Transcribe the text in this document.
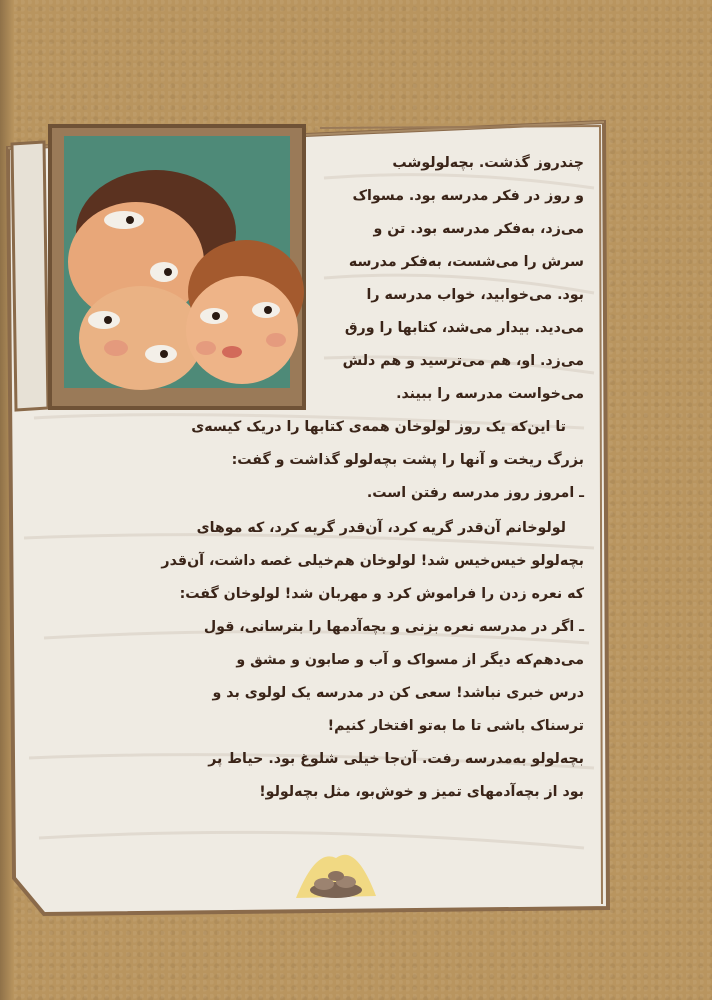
چندروز گذشت. بچه‌لولوشب

و روز در فکر مدرسه بود. مسواک

می‌زد، به‌فکر مدرسه بود. تن و

سرش را می‌شست، به‌فکر مدرسه

بود. می‌خوابید، خواب مدرسه را

می‌دید. بیدار می‌شد، کتابها را ورق

می‌زد. او، هم می‌ترسید و هم دلش

می‌خواست مدرسه را ببیند.

تا این‌که یک روز لولوخان همه‌ی کتابها را دریک کیسه‌ی

بزرگ ریخت و آنها را پشت بچه‌لولو گذاشت و گفت:

ـ امروز روز مدرسه رفتن است.

لولوخانم آن‌قدر گریه کرد، آن‌قدر گریه کرد، که موهای

بچه‌لولو خیس‌خیس شد! لولوخان هم‌خیلی غصه داشت، آن‌قدر

که نعره زدن را فراموش کرد و مهربان شد! لولوخان گفت:

ـ اگر در مدرسه نعره بزنی و بچه‌آدمها را بترسانی، قول

می‌دهم‌که دیگر از مسواک و آب و صابون و مشق و

درس خبری نباشد! سعی کن در مدرسه یک لولوی بد و

ترسناک باشی تا ما به‌تو افتخار کنیم!

بچه‌لولو به‌مدرسه رفت. آن‌جا خیلی شلوغ بود. حیاط پر

بود از بچه‌آدمهای تمیز و خوش‌بو، مثل بچه‌لولو!
